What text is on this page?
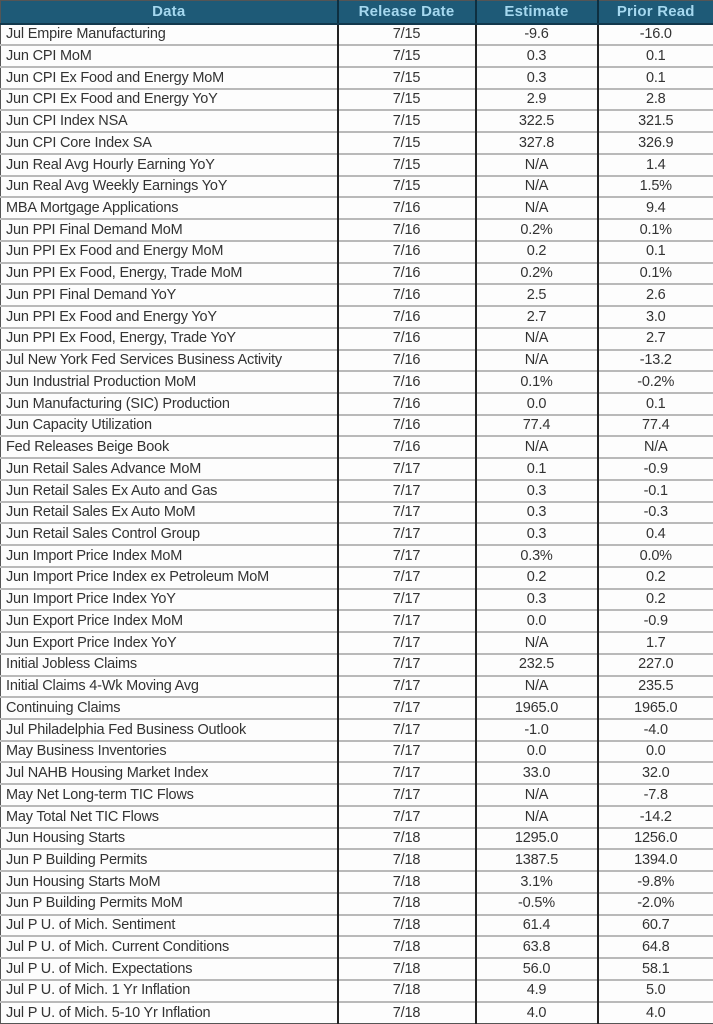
Data	Release Date	Estimate	Prior Read
Jul Empire Manufacturing	7/15	-9.6	-16.0
Jun CPI MoM	7/15	0.3	0.1
Jun CPI Ex Food and Energy MoM	7/15	0.3	0.1
Jun CPI Ex Food and Energy YoY	7/15	2.9	2.8
Jun CPI Index NSA	7/15	322.5	321.5
Jun CPI Core Index SA	7/15	327.8	326.9
Jun Real Avg Hourly Earning YoY	7/15	N/A	1.4
Jun Real Avg Weekly Earnings YoY	7/15	N/A	1.5%
MBA Mortgage Applications	7/16	N/A	9.4
Jun PPI Final Demand MoM	7/16	0.2%	0.1%
Jun PPI Ex Food and Energy MoM	7/16	0.2	0.1
Jun PPI Ex Food, Energy, Trade MoM	7/16	0.2%	0.1%
Jun PPI Final Demand YoY	7/16	2.5	2.6
Jun PPI Ex Food and Energy YoY	7/16	2.7	3.0
Jun PPI Ex Food, Energy, Trade YoY	7/16	N/A	2.7
Jul New York Fed Services Business Activity	7/16	N/A	-13.2
Jun Industrial Production MoM	7/16	0.1%	-0.2%
Jun Manufacturing (SIC) Production	7/16	0.0	0.1
Jun Capacity Utilization	7/16	77.4	77.4
Fed Releases Beige Book	7/16	N/A	N/A
Jun Retail Sales Advance MoM	7/17	0.1	-0.9
Jun Retail Sales Ex Auto and Gas	7/17	0.3	-0.1
Jun Retail Sales Ex Auto MoM	7/17	0.3	-0.3
Jun Retail Sales Control Group	7/17	0.3	0.4
Jun Import Price Index MoM	7/17	0.3%	0.0%
Jun Import Price Index ex Petroleum MoM	7/17	0.2	0.2
Jun Import Price Index YoY	7/17	0.3	0.2
Jun Export Price Index MoM	7/17	0.0	-0.9
Jun Export Price Index YoY	7/17	N/A	1.7
Initial Jobless Claims	7/17	232.5	227.0
Initial Claims 4-Wk Moving Avg	7/17	N/A	235.5
Continuing Claims	7/17	1965.0	1965.0
Jul Philadelphia Fed Business Outlook	7/17	-1.0	-4.0
May Business Inventories	7/17	0.0	0.0
Jul NAHB Housing Market Index	7/17	33.0	32.0
May Net Long-term TIC Flows	7/17	N/A	-7.8
May Total Net TIC Flows	7/17	N/A	-14.2
Jun Housing Starts	7/18	1295.0	1256.0
Jun P Building Permits	7/18	1387.5	1394.0
Jun Housing Starts MoM	7/18	3.1%	-9.8%
Jun P Building Permits MoM	7/18	-0.5%	-2.0%
Jul P U. of Mich. Sentiment	7/18	61.4	60.7
Jul P U. of Mich. Current Conditions	7/18	63.8	64.8
Jul P U. of Mich. Expectations	7/18	56.0	58.1
Jul P U. of Mich. 1 Yr Inflation	7/18	4.9	5.0
Jul P U. of Mich. 5-10 Yr Inflation	7/18	4.0	4.0
